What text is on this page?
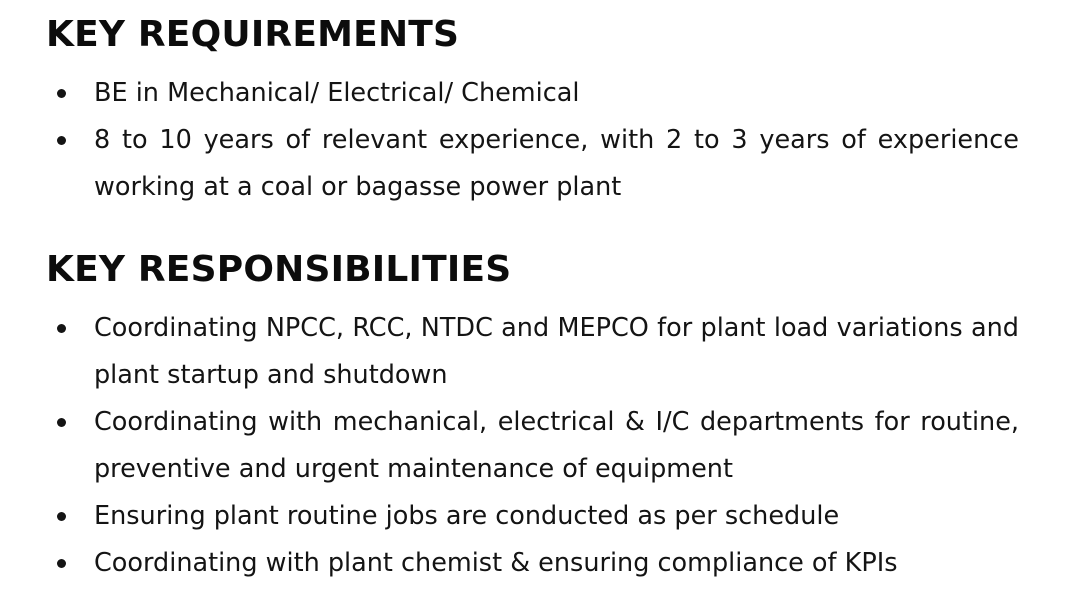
KEY REQUIREMENTS
BE in Mechanical/ Electrical/ Chemical
8 to 10 years of relevant experience, with 2 to 3 years of experience working at a coal or bagasse power plant
KEY RESPONSIBILITIES
Coordinating NPCC, RCC, NTDC and MEPCO for plant load variations and plant startup and shutdown
Coordinating with mechanical, electrical & I/C departments for routine, preventive and urgent maintenance of equipment
Ensuring plant routine jobs are conducted as per schedule
Coordinating with plant chemist & ensuring compliance of KPIs
